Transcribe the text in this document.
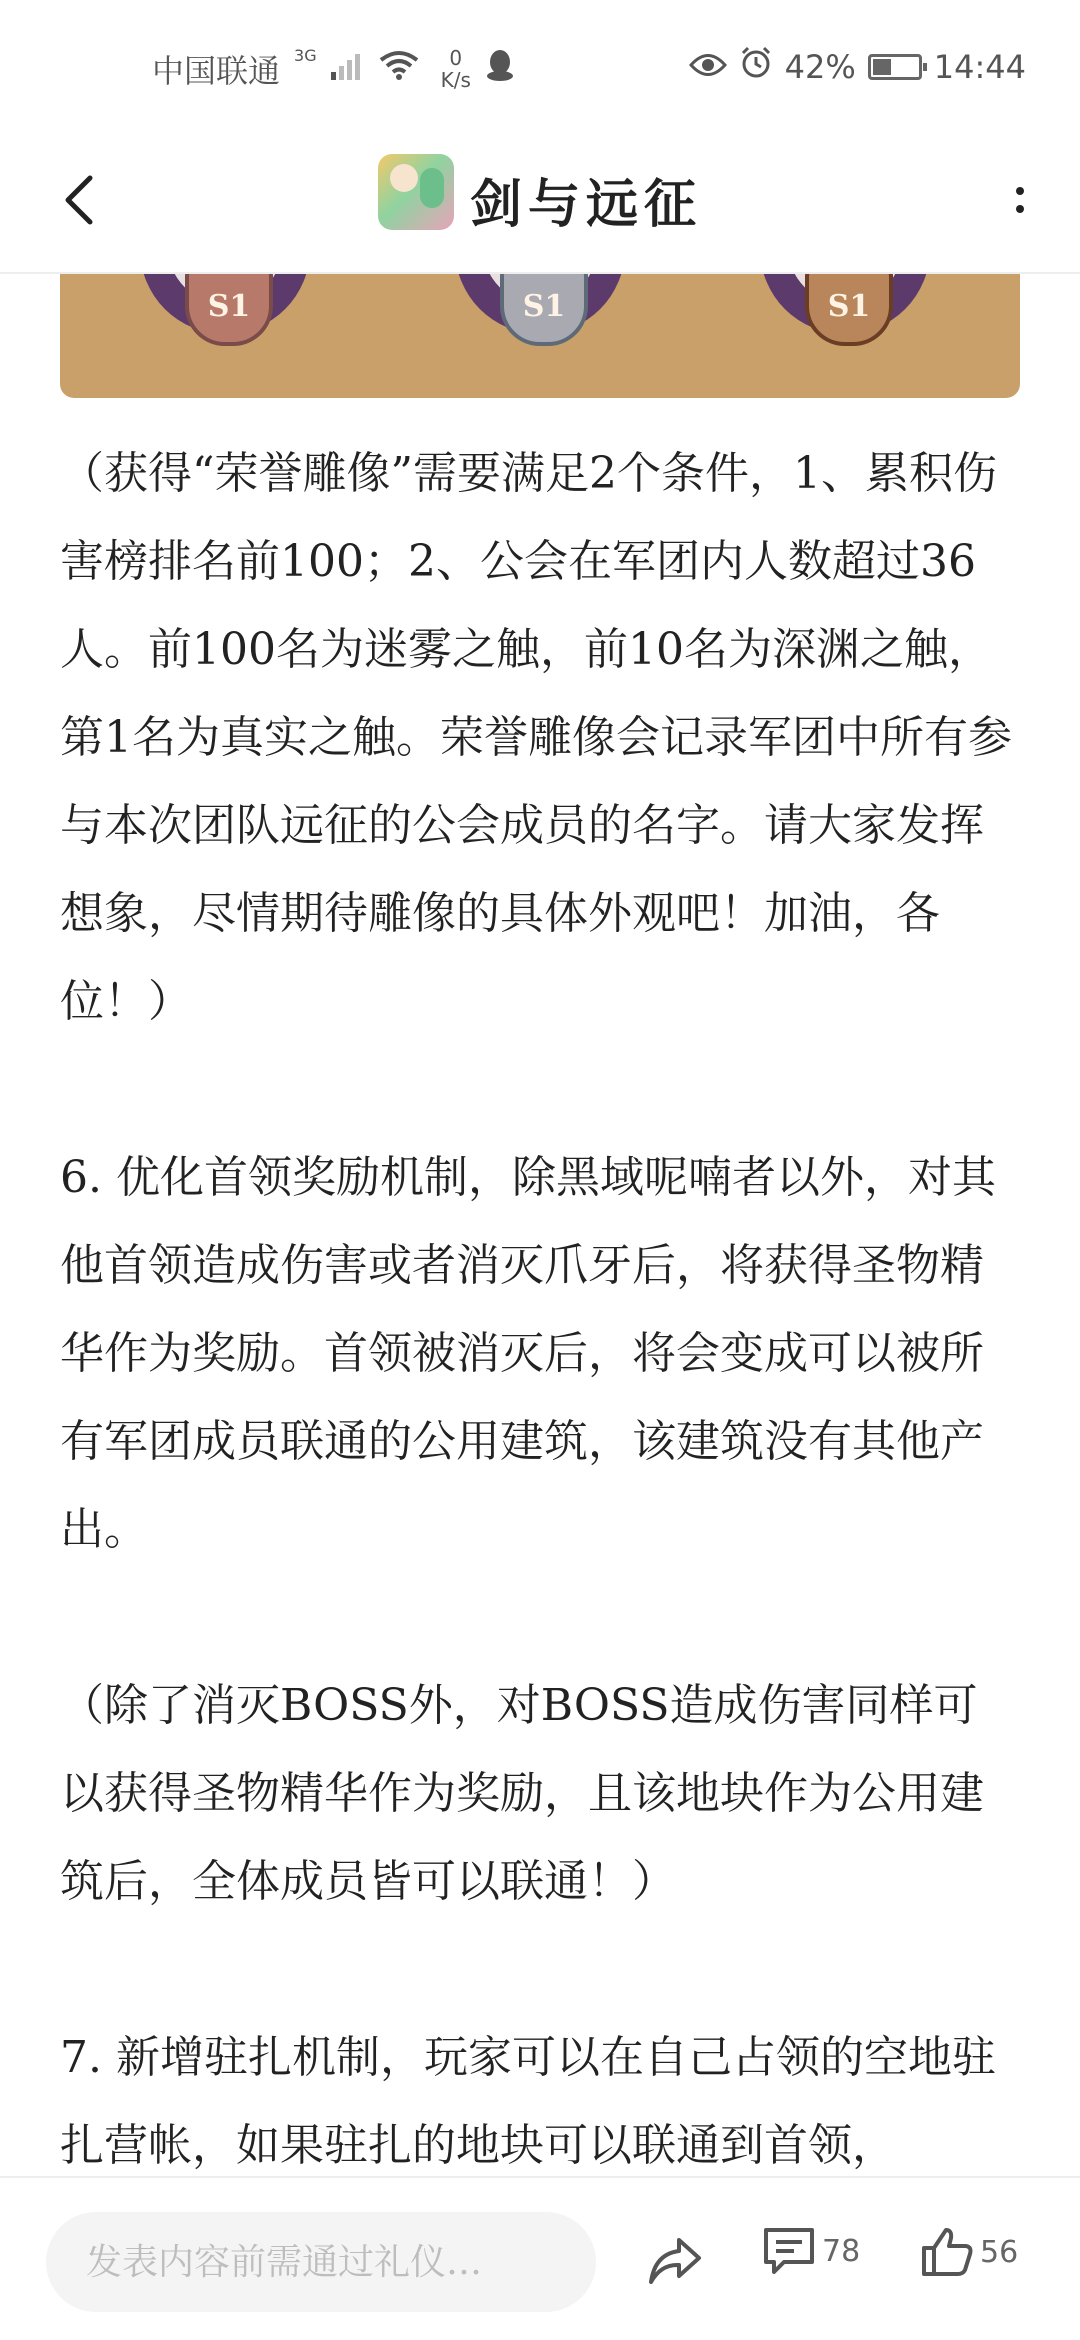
中国联通 3G	0
K/s	42% 14:44
剑与远征
S1	S1	S1

（获得“荣誉雕像”需要满足2个条件，1、累积伤害榜排名前100；2、公会在军团内人数超过36人。前100名为迷雾之触，前10名为深渊之触，第1名为真实之触。荣誉雕像会记录军团中所有参与本次团队远征的公会成员的名字。请大家发挥想象，尽情期待雕像的具体外观吧！加油，各位！）

6. 优化首领奖励机制，除黑域呢喃者以外，对其他首领造成伤害或者消灭爪牙后，将获得圣物精华作为奖励。首领被消灭后，将会变成可以被所有军团成员联通的公用建筑，该建筑没有其他产出。

（除了消灭BOSS外，对BOSS造成伤害同样可以获得圣物精华作为奖励，且该地块作为公用建筑后，全体成员皆可以联通！）

7. 新增驻扎机制，玩家可以在自己占领的空地驻扎营帐，如果驻扎的地块可以联通到首领，

发表内容前需通过礼仪…
78	56
